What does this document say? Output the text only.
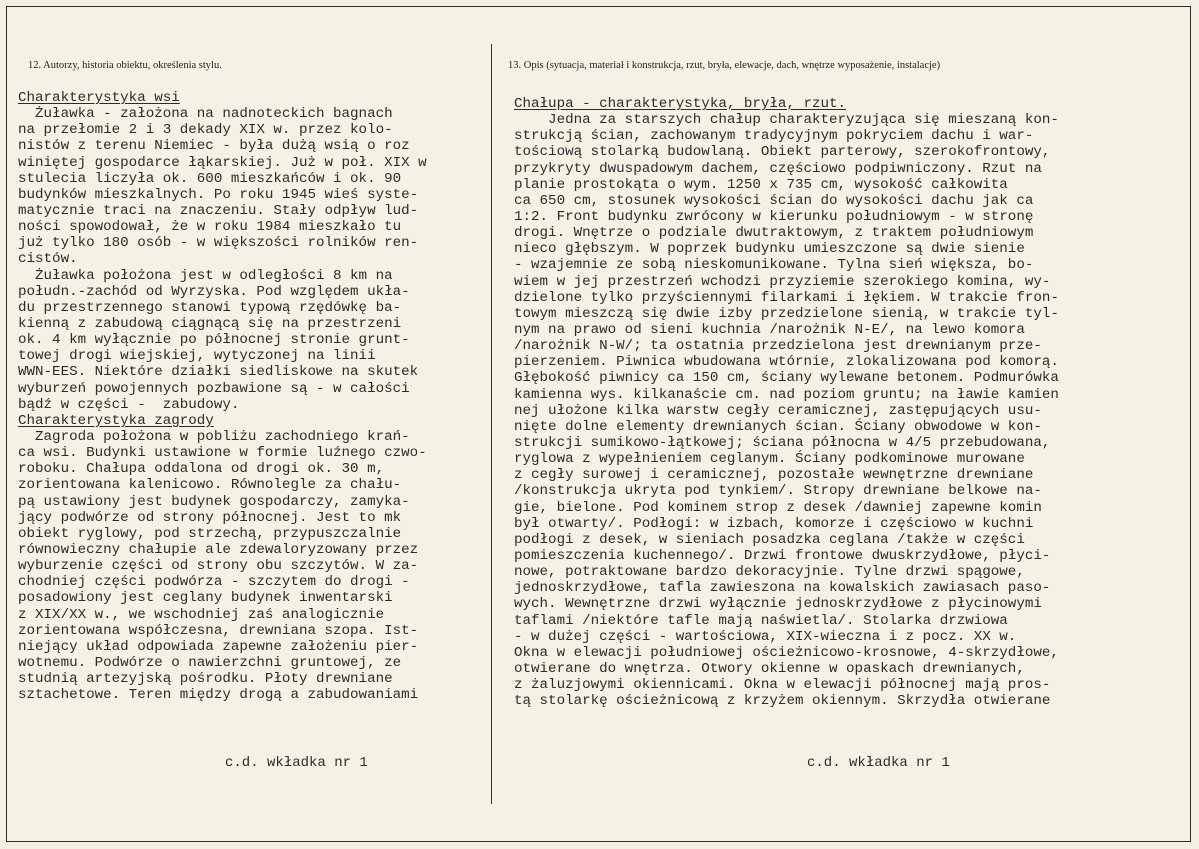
12. Autorzy, historia obiektu, określenia stylu.	13. Opis (sytuacja, materiał i konstrukcja, rzut, bryła, elewacje, dach, wnętrze wyposażenie, instalacje)
Charakterystyka wsi
Żuławka - założona na nadnoteckich bagnach
na przełomie 2 i 3 dekady XIX w. przez kolo-
nistów z terenu Niemiec - była dużą wsią o roz
winiętej gospodarce łąkarskiej. Już w poł. XIX w
stulecia liczyła ok. 600 mieszkańców i ok. 90
budynków mieszkalnych. Po roku 1945 wieś syste-
matycznie traci na znaczeniu. Stały odpływ lud-
ności spowodował, że w roku 1984 mieszkało tu
już tylko 180 osób - w większości rolników ren-
cistów.
Żuławka położona jest w odległości 8 km na
połudn.-zachód od Wyrzyska. Pod względem ukła-
du przestrzennego stanowi typową rzędówkę ba-
kienną z zabudową ciągnącą się na przestrzeni
ok. 4 km wyłącznie po północnej stronie grunt-
towej drogi wiejskiej, wytyczonej na linii
WWN-EES. Niektóre działki siedliskowe na skutek
wyburzeń powojennych pozbawione są - w całości
bądź w części -  zabudowy.
Charakterystyka zagrody
Zagroda położona w pobliżu zachodniego krań-
ca wsi. Budynki ustawione w formie luźnego czwo-
roboku. Chałupa oddalona od drogi ok. 30 m,
zorientowana kalenicowo. Równolegle za chału-
pą ustawiony jest budynek gospodarczy, zamyka-
jący podwórze od strony północnej. Jest to mk
obiekt ryglowy, pod strzechą, przypuszczalnie
równowieczny chałupie ale zdewaloryzowany przez
wyburzenie części od strony obu szczytów. W za-
chodniej części podwórza - szczytem do drogi -
posadowiony jest ceglany budynek inwentarski
z XIX/XX w., we wschodniej zaś analogicznie
zorientowana współczesna, drewniana szopa. Ist-
niejący układ odpowiada zapewne założeniu pier-
wotnemu. Podwórze o nawierzchni gruntowej, ze
studnią artezyjską pośrodku. Płoty drewniane
sztachetowe. Teren między drogą a zabudowaniami
Chałupa - charakterystyka, bryła, rzut.
Jedna za starszych chałup charakteryzująca się mieszaną kon-
strukcją ścian, zachowanym tradycyjnym pokryciem dachu i war-
tościową stolarką budowlaną. Obiekt parterowy, szerokofrontowy,
przykryty dwuspadowym dachem, częściowo podpiwniczony. Rzut na
planie prostokąta o wym. 1250 x 735 cm, wysokość całkowita
ca 650 cm, stosunek wysokości ścian do wysokości dachu jak ca
1:2. Front budynku zwrócony w kierunku południowym - w stronę
drogi. Wnętrze o podziale dwutraktowym, z traktem południowym
nieco głębszym. W poprzek budynku umieszczone są dwie sienie
- wzajemnie ze sobą nieskomunikowane. Tylna sień większa, bo-
wiem w jej przestrzeń wchodzi przyziemie szerokiego komina, wy-
dzielone tylko przyściennymi filarkami i łękiem. W trakcie fron-
towym mieszczą się dwie izby przedzielone sienią, w trakcie tyl-
nym na prawo od sieni kuchnia /narożnik N-E/, na lewo komora
/narożnik N-W/; ta ostatnia przedzielona jest drewnianym prze-
pierzeniem. Piwnica wbudowana wtórnie, zlokalizowana pod komorą.
Głębokość piwnicy ca 150 cm, ściany wylewane betonem. Podmurówka
kamienna wys. kilkanaście cm. nad poziom gruntu; na ławie kamien
nej ułożone kilka warstw cegły ceramicznej, zastępujących usu-
nięte dolne elementy drewnianych ścian. Ściany obwodowe w kon-
strukcji sumikowo-łątkowej; ściana północna w 4/5 przebudowana,
ryglowa z wypełnieniem ceglanym. Ściany podkominowe murowane
z cegły surowej i ceramicznej, pozostałe wewnętrzne drewniane
/konstrukcja ukryta pod tynkiem/. Stropy drewniane belkowe na-
gie, bielone. Pod kominem strop z desek /dawniej zapewne komin
był otwarty/. Podłogi: w izbach, komorze i częściowo w kuchni
podłogi z desek, w sieniach posadzka ceglana /także w części
pomieszczenia kuchennego/. Drzwi frontowe dwuskrzydłowe, płyci-
nowe, potraktowane bardzo dekoracyjnie. Tylne drzwi spągowe,
jednoskrzydłowe, tafla zawieszona na kowalskich zawiasach paso-
wych. Wewnętrzne drzwi wyłącznie jednoskrzydłowe z płycinowymi
taflami /niektóre tafle mają naświetla/. Stolarka drzwiowa
- w dużej części - wartościowa, XIX-wieczna i z pocz. XX w.
Okna w elewacji południowej ościeżnicowo-krosnowe, 4-skrzydłowe,
otwierane do wnętrza. Otwory okienne w opaskach drewnianych,
z żaluzjowymi okiennicami. Okna w elewacji północnej mają pros-
tą stolarkę ościeżnicową z krzyżem okiennym. Skrzydła otwierane
c.d. wkładka nr 1	c.d. wkładka nr 1
